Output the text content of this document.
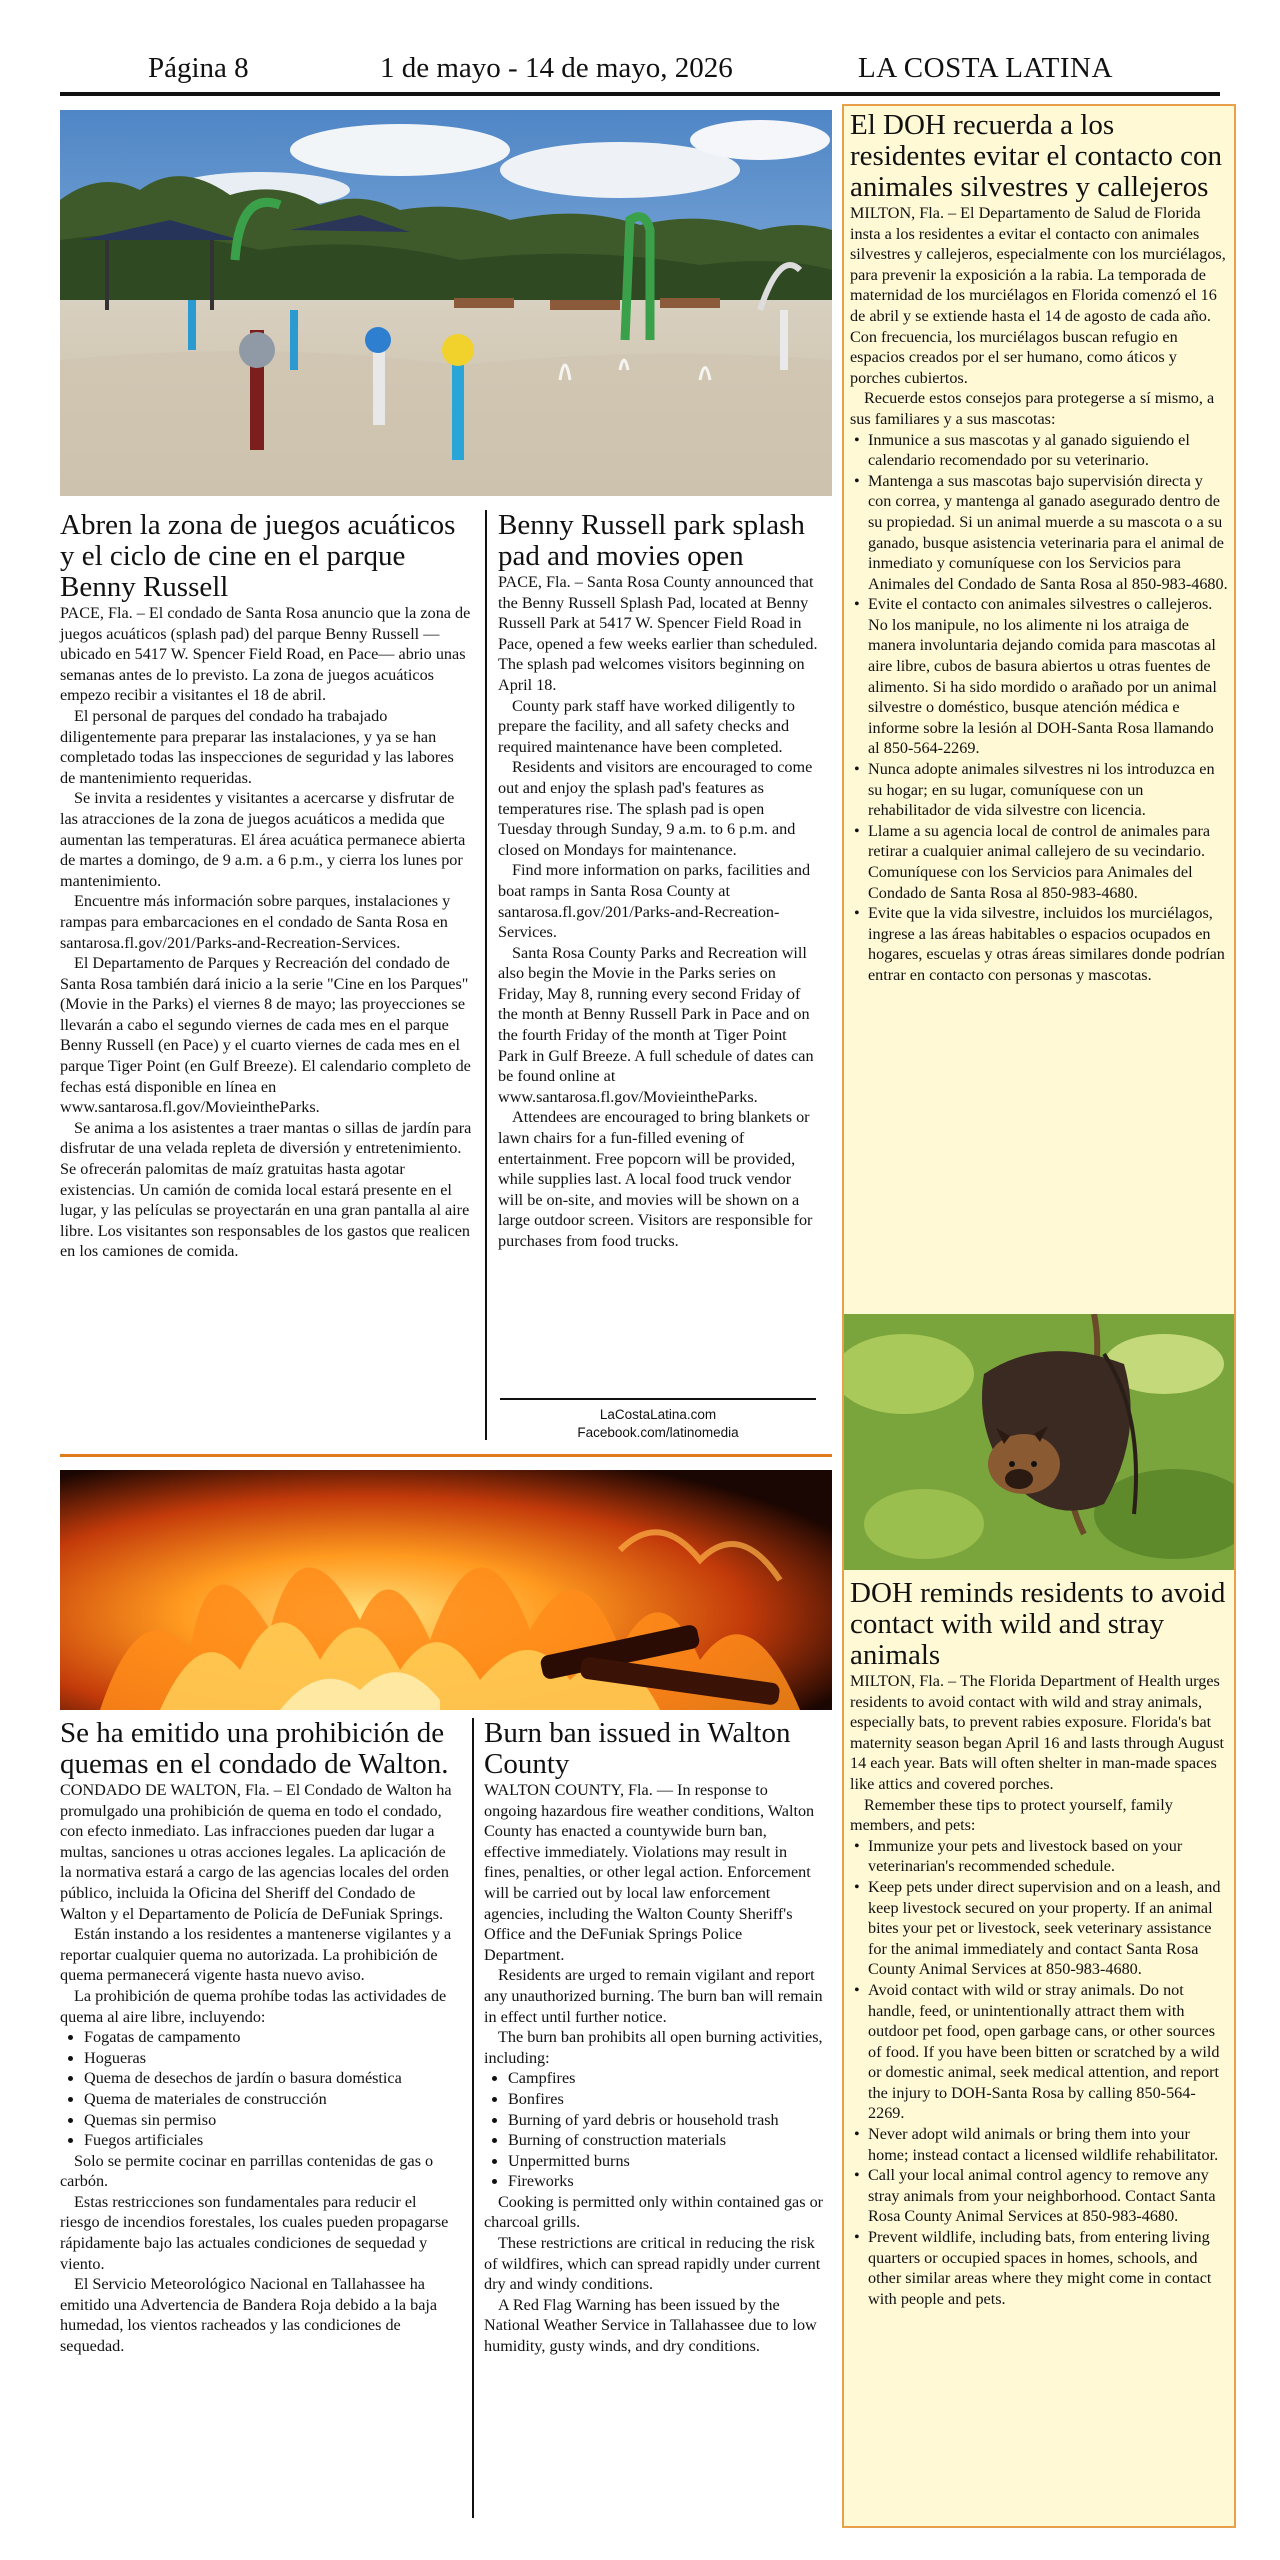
Página 8	1 de mayo - 14 de mayo, 2026	LA COSTA LATINA
Abren la zona de juegos acuáticos y el ciclo de cine en el parque Benny Russell

PACE, Fla. – El condado de Santa Rosa anuncio que la zona de juegos acuáticos (splash pad) del parque Benny Russell —ubicado en 5417 W. Spencer Field Road, en Pace— abrio unas semanas antes de lo previsto. La zona de juegos acuáticos empezo recibir a visitantes el 18 de abril.

El personal de parques del condado ha trabajado diligentemente para preparar las instalaciones, y ya se han completado todas las inspecciones de seguridad y las labores de mantenimiento requeridas.

Se invita a residentes y visitantes a acercarse y disfrutar de las atracciones de la zona de juegos acuáticos a medida que aumentan las temperaturas. El área acuática permanece abierta de martes a domingo, de 9 a.m. a 6 p.m., y cierra los lunes por mantenimiento.

Encuentre más información sobre parques, instalaciones y rampas para embarcaciones en el condado de Santa Rosa en santarosa.fl.gov/201/Parks-and-Recreation-Services.

El Departamento de Parques y Recreación del condado de Santa Rosa también dará inicio a la serie "Cine en los Parques" (Movie in the Parks) el viernes 8 de mayo; las proyecciones se llevarán a cabo el segundo viernes de cada mes en el parque Benny Russell (en Pace) y el cuarto viernes de cada mes en el parque Tiger Point (en Gulf Breeze). El calendario completo de fechas está disponible en línea en www.santarosa.fl.gov/MovieintheParks.

Se anima a los asistentes a traer mantas o sillas de jardín para disfrutar de una velada repleta de diversión y entretenimiento. Se ofrecerán palomitas de maíz gratuitas hasta agotar existencias. Un camión de comida local estará presente en el lugar, y las películas se proyectarán en una gran pantalla al aire libre. Los visitantes son responsables de los gastos que realicen en los camiones de comida.

Benny Russell park splash pad and movies open

PACE, Fla. – Santa Rosa County announced that the Benny Russell Splash Pad, located at Benny Russell Park at 5417 W. Spencer Field Road in Pace, opened a few weeks earlier than scheduled. The splash pad welcomes visitors beginning on April 18.

County park staff have worked diligently to prepare the facility, and all safety checks and required maintenance have been completed.

Residents and visitors are encouraged to come out and enjoy the splash pad's features as temperatures rise. The splash pad is open Tuesday through Sunday, 9 a.m. to 6 p.m. and closed on Mondays for maintenance.

Find more information on parks, facilities and boat ramps in Santa Rosa County at santarosa.fl.gov/201/Parks-and-Recreation-Services.

Santa Rosa County Parks and Recreation will also begin the Movie in the Parks series on Friday, May 8, running every second Friday of the month at Benny Russell Park in Pace and on the fourth Friday of the month at Tiger Point Park in Gulf Breeze. A full schedule of dates can be found online at www.santarosa.fl.gov/MovieintheParks.

Attendees are encouraged to bring blankets or lawn chairs for a fun-filled evening of entertainment. Free popcorn will be provided, while supplies last. A local food truck vendor will be on-site, and movies will be shown on a large outdoor screen. Visitors are responsible for purchases from food trucks.

LaCostaLatina.com
Facebook.com/latinomedia
Se ha emitido una prohibición de quemas en el condado de Walton.

CONDADO DE WALTON, Fla. – El Condado de Walton ha promulgado una prohibición de quema en todo el condado, con efecto inmediato. Las infracciones pueden dar lugar a multas, sanciones u otras acciones legales. La aplicación de la normativa estará a cargo de las agencias locales del orden público, incluida la Oficina del Sheriff del Condado de Walton y el Departamento de Policía de DeFuniak Springs.

Están instando a los residentes a mantenerse vigilantes y a reportar cualquier quema no autorizada. La prohibición de quema permanecerá vigente hasta nuevo aviso.

La prohibición de quema prohíbe todas las actividades de quema al aire libre, incluyendo:

• Fogatas de campamento
• Hogueras
• Quema de desechos de jardín o basura doméstica
• Quema de materiales de construcción
• Quemas sin permiso
• Fuegos artificiales

Solo se permite cocinar en parrillas contenidas de gas o carbón.

Estas restricciones son fundamentales para reducir el riesgo de incendios forestales, los cuales pueden propagarse rápidamente bajo las actuales condiciones de sequedad y viento.

El Servicio Meteorológico Nacional en Tallahassee ha emitido una Advertencia de Bandera Roja debido a la baja humedad, los vientos racheados y las condiciones de sequedad.

Burn ban issued in Walton County

WALTON COUNTY, Fla. — In response to ongoing hazardous fire weather conditions, Walton County has enacted a countywide burn ban, effective immediately. Violations may result in fines, penalties, or other legal action. Enforcement will be carried out by local law enforcement agencies, including the Walton County Sheriff's Office and the DeFuniak Springs Police Department.

Residents are urged to remain vigilant and report any unauthorized burning. The burn ban will remain in effect until further notice.

The burn ban prohibits all open burning activities, including:

• Campfires
• Bonfires
• Burning of yard debris or household trash
• Burning of construction materials
• Unpermitted burns
• Fireworks

Cooking is permitted only within contained gas or charcoal grills.

These restrictions are critical in reducing the risk of wildfires, which can spread rapidly under current dry and windy conditions.

A Red Flag Warning has been issued by the National Weather Service in Tallahassee due to low humidity, gusty winds, and dry conditions.

El DOH recuerda a los residentes evitar el contacto con animales silvestres y callejeros

MILTON, Fla. – El Departamento de Salud de Florida insta a los residentes a evitar el contacto con animales silvestres y callejeros, especialmente con los murciélagos, para prevenir la exposición a la rabia. La temporada de maternidad de los murciélagos en Florida comenzó el 16 de abril y se extiende hasta el 14 de agosto de cada año. Con frecuencia, los murciélagos buscan refugio en espacios creados por el ser humano, como áticos y porches cubiertos.

Recuerde estos consejos para protegerse a sí mismo, a sus familiares y a sus mascotas:

• Inmunice a sus mascotas y al ganado siguiendo el calendario recomendado por su veterinario.
• Mantenga a sus mascotas bajo supervisión directa y con correa, y mantenga al ganado asegurado dentro de su propiedad. Si un animal muerde a su mascota o a su ganado, busque asistencia veterinaria para el animal de inmediato y comuníquese con los Servicios para Animales del Condado de Santa Rosa al 850-983-4680.
• Evite el contacto con animales silvestres o callejeros. No los manipule, no los alimente ni los atraiga de manera involuntaria dejando comida para mascotas al aire libre, cubos de basura abiertos u otras fuentes de alimento. Si ha sido mordido o arañado por un animal silvestre o doméstico, busque atención médica e informe sobre la lesión al DOH-Santa Rosa llamando al 850-564-2269.
• Nunca adopte animales silvestres ni los introduzca en su hogar; en su lugar, comuníquese con un rehabilitador de vida silvestre con licencia.
• Llame a su agencia local de control de animales para retirar a cualquier animal callejero de su vecindario. Comuníquese con los Servicios para Animales del Condado de Santa Rosa al 850-983-4680.
• Evite que la vida silvestre, incluidos los murciélagos, ingrese a las áreas habitables o espacios ocupados en hogares, escuelas y otras áreas similares donde podrían entrar en contacto con personas y mascotas.
DOH reminds residents to avoid contact with wild and stray animals

MILTON, Fla. – The Florida Department of Health urges residents to avoid contact with wild and stray animals, especially bats, to prevent rabies exposure. Florida's bat maternity season began April 16 and lasts through August 14 each year. Bats will often shelter in man-made spaces like attics and covered porches.

Remember these tips to protect yourself, family members, and pets:

• Immunize your pets and livestock based on your veterinarian's recommended schedule.
• Keep pets under direct supervision and on a leash, and keep livestock secured on your property. If an animal bites your pet or livestock, seek veterinary assistance for the animal immediately and contact Santa Rosa County Animal Services at 850-983-4680.
• Avoid contact with wild or stray animals. Do not handle, feed, or unintentionally attract them with outdoor pet food, open garbage cans, or other sources of food. If you have been bitten or scratched by a wild or domestic animal, seek medical attention, and report the injury to DOH-Santa Rosa by calling 850-564-2269.
• Never adopt wild animals or bring them into your home; instead contact a licensed wildlife rehabilitator.
• Call your local animal control agency to remove any stray animals from your neighborhood. Contact Santa Rosa County Animal Services at 850-983-4680.
• Prevent wildlife, including bats, from entering living quarters or occupied spaces in homes, schools, and other similar areas where they might come in contact with people and pets.
